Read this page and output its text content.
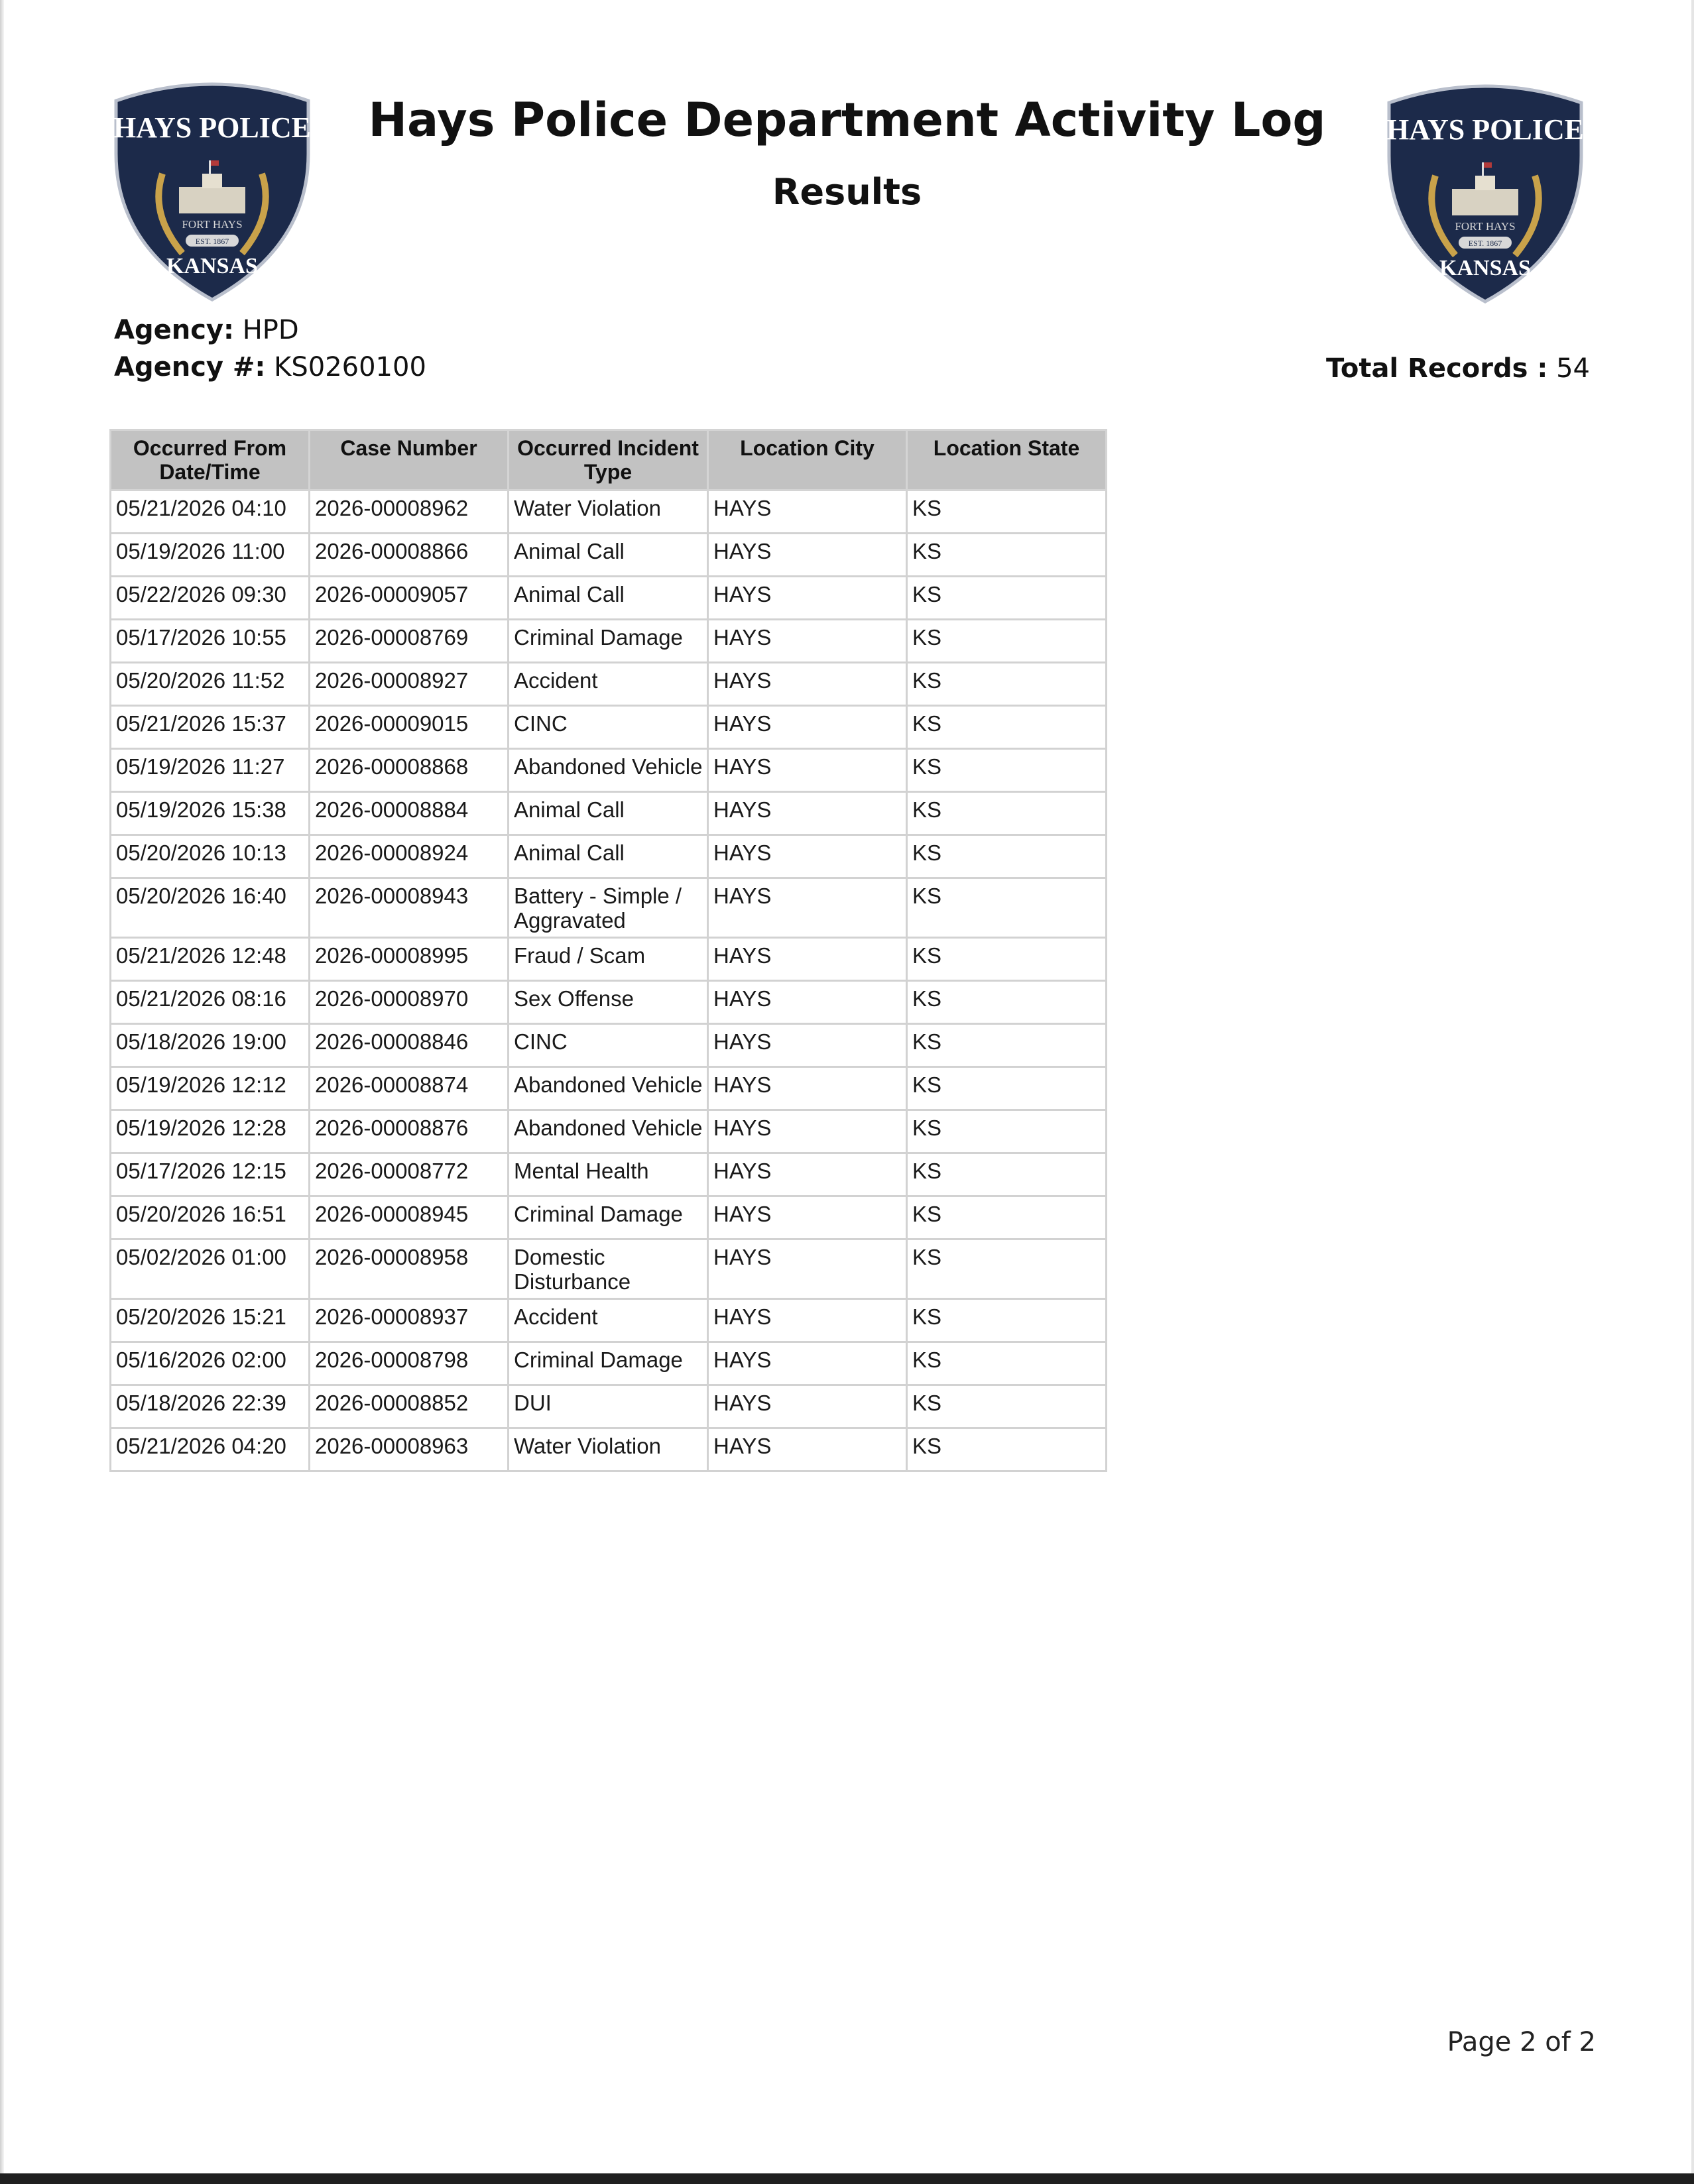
HAYS POLICE
FORT HAYS
EST. 1867
KANSAS
HAYS POLICE
FORT HAYS
EST. 1867
KANSAS
Hays Police Department Activity Log
Results
Agency: HPD
Agency #: KS0260100	Total Records : 54
Occurred From Date/Time	Case Number	Occurred Incident Type	Location City	Location State
05/21/2026 04:10	2026-00008962	Water Violation	HAYS	KS
05/19/2026 11:00	2026-00008866	Animal Call	HAYS	KS
05/22/2026 09:30	2026-00009057	Animal Call	HAYS	KS
05/17/2026 10:55	2026-00008769	Criminal Damage	HAYS	KS
05/20/2026 11:52	2026-00008927	Accident	HAYS	KS
05/21/2026 15:37	2026-00009015	CINC	HAYS	KS
05/19/2026 11:27	2026-00008868	Abandoned Vehicle	HAYS	KS
05/19/2026 15:38	2026-00008884	Animal Call	HAYS	KS
05/20/2026 10:13	2026-00008924	Animal Call	HAYS	KS
05/20/2026 16:40	2026-00008943	Battery - Simple / Aggravated	HAYS	KS
05/21/2026 12:48	2026-00008995	Fraud / Scam	HAYS	KS
05/21/2026 08:16	2026-00008970	Sex Offense	HAYS	KS
05/18/2026 19:00	2026-00008846	CINC	HAYS	KS
05/19/2026 12:12	2026-00008874	Abandoned Vehicle	HAYS	KS
05/19/2026 12:28	2026-00008876	Abandoned Vehicle	HAYS	KS
05/17/2026 12:15	2026-00008772	Mental Health	HAYS	KS
05/20/2026 16:51	2026-00008945	Criminal Damage	HAYS	KS
05/02/2026 01:00	2026-00008958	Domestic Disturbance	HAYS	KS
05/20/2026 15:21	2026-00008937	Accident	HAYS	KS
05/16/2026 02:00	2026-00008798	Criminal Damage	HAYS	KS
05/18/2026 22:39	2026-00008852	DUI	HAYS	KS
05/21/2026 04:20	2026-00008963	Water Violation	HAYS	KS
Page 2 of 2
